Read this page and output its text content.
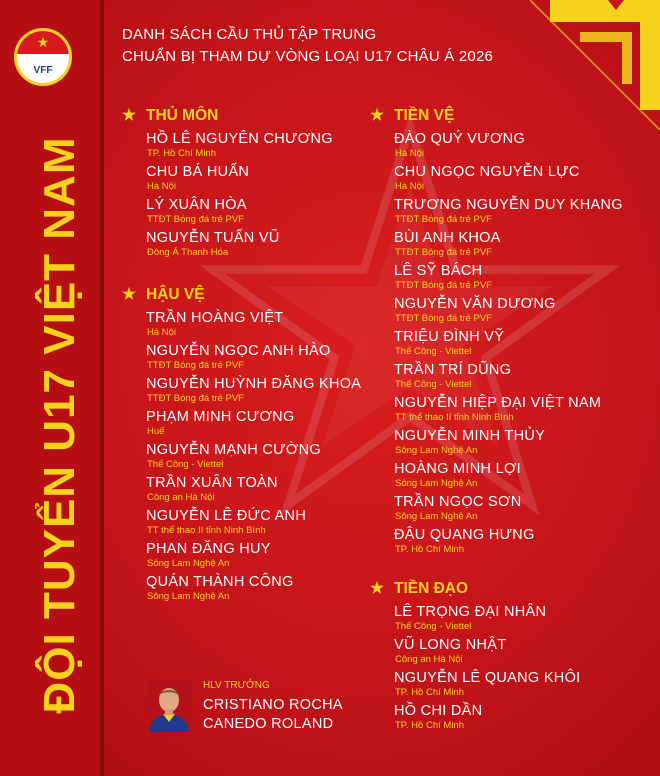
★
VFF
ĐỘI TUYỂN U17 VIỆT NAM
DANH SÁCH CẦU THỦ TẬP TRUNG
CHUẨN BỊ THAM DỰ VÒNG LOẠI U17 CHÂU Á 2026
★ THỦ MÔN
HỒ LÊ NGUYÊN CHƯƠNG
TP. Hồ Chí Minh
CHU BÁ HUẤN
Hà Nội
LÝ XUÂN HÒA
TTĐT Bóng đá trẻ PVF
NGUYỄN TUẤN VŨ
Đông Á Thanh Hóa
★ HẬU VỆ
TRẦN HOÀNG VIỆT
Hà Nội
NGUYỄN NGỌC ANH HÀO
TTĐT Bóng đá trẻ PVF
NGUYỄN HUỲNH ĐĂNG KHOA
TTĐT Bóng đá trẻ PVF
PHẠM MINH CƯƠNG
Huế
NGUYỄN MẠNH CƯỜNG
Thể Công - Viettel
TRẦN XUÂN TOÀN
Công an Hà Nội
NGUYỄN LÊ ĐỨC ANH
TT thể thao II tỉnh Ninh Bình
PHAN ĐĂNG HUY
Sông Lam Nghệ An
QUÁN THÀNH CÔNG
Sông Lam Nghệ An
★ TIỀN VỆ
ĐÀO QUÝ VƯƠNG
Hà Nội
CHU NGỌC NGUYỄN LỰC
Hà Nội
TRƯƠNG NGUYỄN DUY KHANG
TTĐT Bóng đá trẻ PVF
BÙI ANH KHOA
TTĐT Bóng đá trẻ PVF
LÊ SỸ BÁCH
TTĐT Bóng đá trẻ PVF
NGUYỄN VĂN DƯƠNG
TTĐT Bóng đá trẻ PVF
TRIỆU ĐÌNH VỸ
Thể Công - Viettel
TRẦN TRÍ DŨNG
Thể Công - Viettel
NGUYỄN HIỆP ĐẠI VIỆT NAM
TT thể thao II tỉnh Ninh Bình
NGUYỄN MINH THỦY
Sông Lam Nghệ An
HOÀNG MINH LỢI
Sông Lam Nghệ An
TRẦN NGỌC SƠN
Sông Lam Nghệ An
ĐẬU QUANG HƯNG
TP. Hồ Chí Minh
★ TIỀN ĐẠO
LÊ TRỌNG ĐẠI NHÂN
Thể Công - Viettel
VŨ LONG NHẬT
Công an Hà Nội
NGUYỄN LÊ QUANG KHÔI
TP. Hồ Chí Minh
HỒ CHI DẦN
TP. Hồ Chí Minh
HLV TRƯỞNG
CRISTIANO ROCHA
CANEDO ROLAND
